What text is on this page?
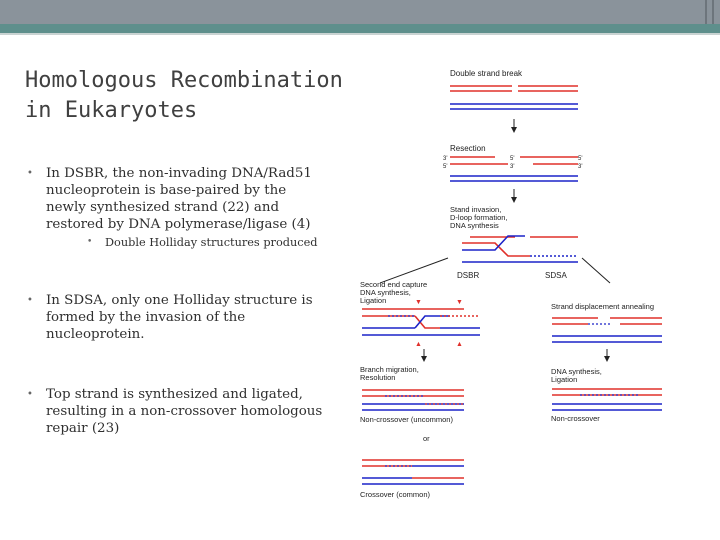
Homologous Recombination
in Eukaryotes
• In DSBR, the non-invading DNA/Rad51 nucleoprotein is base-paired by the newly synthesized strand (22) and restored by DNA polymerase/ligase (4)
• Double Holliday structures produced
• In SDSA, only one Holliday structure is formed by the invasion of the nucleoprotein.
• Top strand is synthesized and ligated, resulting in a non-crossover homologous repair (23)
Double strand break
Resection
3'
5'
5'
3'
5'
3'
Stand invasion,
D-loop formation,
DNA synthesis
DSBR	SDSA
Second end capture
DNA synthesis,
Ligation	▼
▲
▼
▲
Branch migration,
Resolution
Non-crossover (uncommon)
or
Crossover (common)
Strand displacement annealing
DNA synthesis,
Ligation
Non-crossover
